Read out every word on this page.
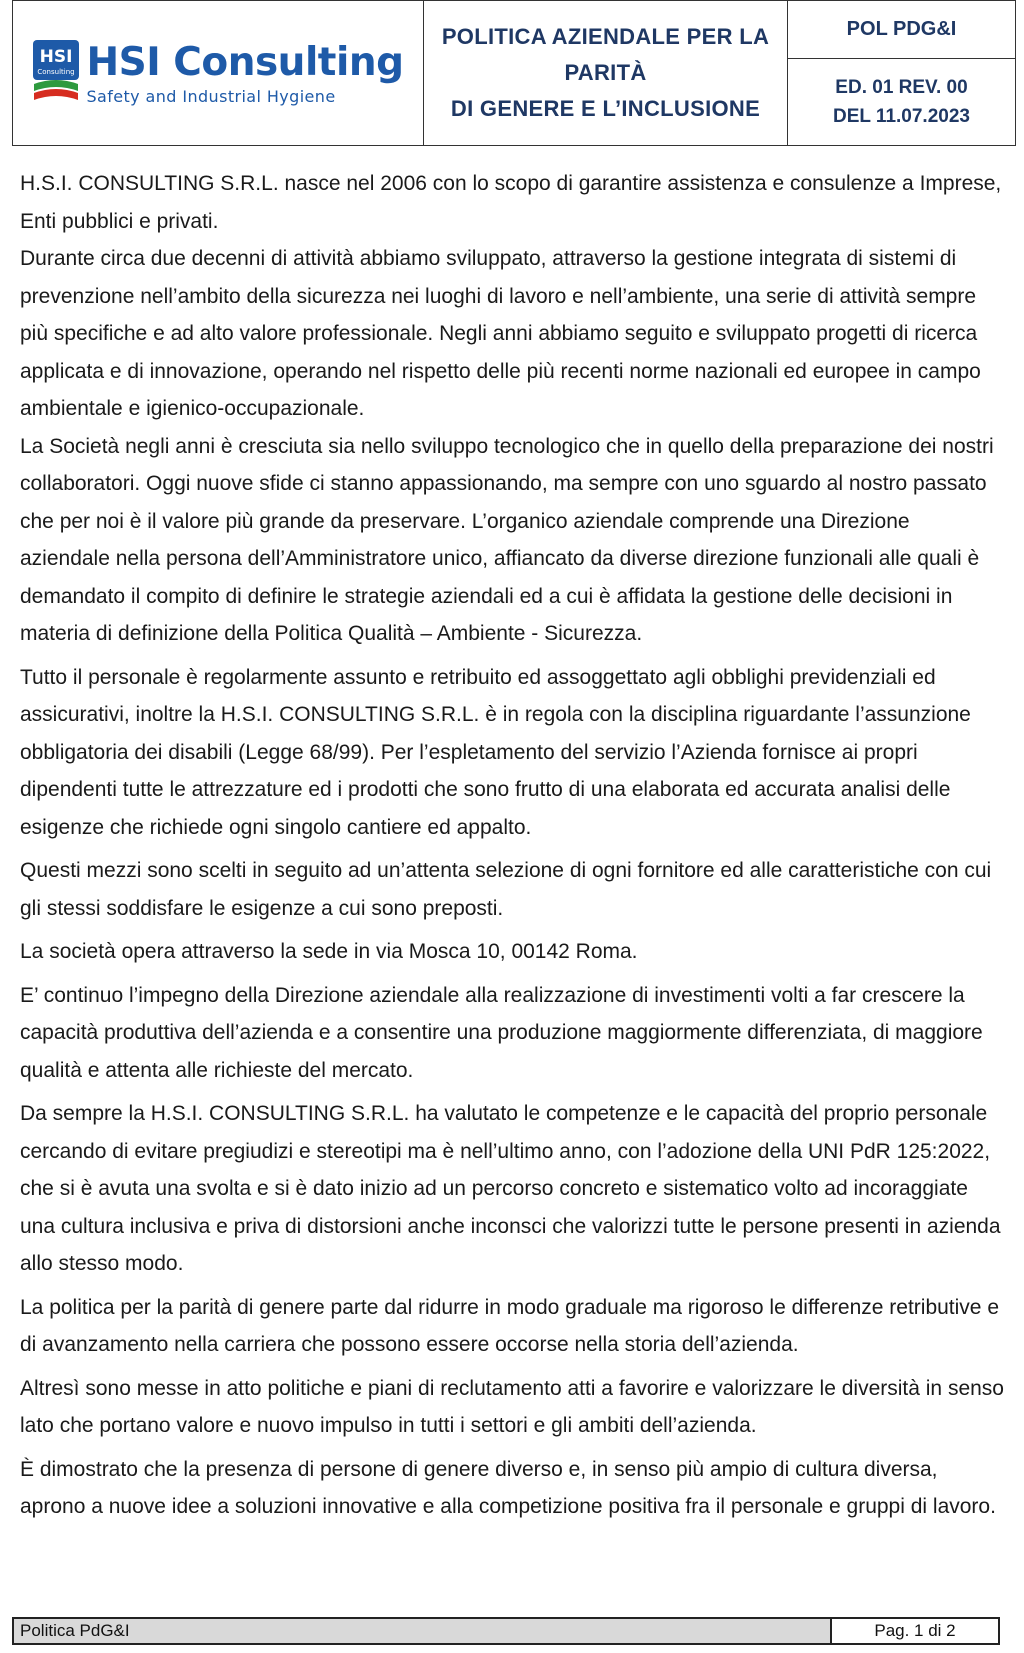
HSI
Consulting HSI Consulting
Safety and Industrial Hygiene
POLITICA AZIENDALE PER LA PARITÀ
DI GENERE E L’INCLUSIONE
POL PDG&I
ED. 01 REV. 00
DEL 11.07.2023

H.S.I. CONSULTING S.R.L. nasce nel 2006 con lo scopo di garantire assistenza e consulenze a Imprese, Enti pubblici e privati.

Durante circa due decenni di attività abbiamo sviluppato, attraverso la gestione integrata di sistemi di prevenzione nell’ambito della sicurezza nei luoghi di lavoro e nell’ambiente, una serie di attività sempre più specifiche e ad alto valore professionale. Negli anni abbiamo seguito e sviluppato progetti di ricerca applicata e di innovazione, operando nel rispetto delle più recenti norme nazionali ed europee in campo ambientale e igienico-occupazionale.

La Società negli anni è cresciuta sia nello sviluppo tecnologico che in quello della preparazione dei nostri collaboratori. Oggi nuove sfide ci stanno appassionando, ma sempre con uno sguardo al nostro passato che per noi è il valore più grande da preservare. L’organico aziendale comprende una Direzione aziendale nella persona dell’Amministratore unico, affiancato da diverse direzione funzionali alle quali è demandato il compito di definire le strategie aziendali ed a cui è affidata la gestione delle decisioni in materia di definizione della Politica Qualità – Ambiente - Sicurezza.

Tutto il personale è regolarmente assunto e retribuito ed assoggettato agli obblighi previdenziali ed assicurativi, inoltre la H.S.I. CONSULTING S.R.L. è in regola con la disciplina riguardante l’assunzione obbligatoria dei disabili (Legge 68/99). Per l’espletamento del servizio l’Azienda fornisce ai propri dipendenti tutte le attrezzature ed i prodotti che sono frutto di una elaborata ed accurata analisi delle esigenze che richiede ogni singolo cantiere ed appalto.

Questi mezzi sono scelti in seguito ad un’attenta selezione di ogni fornitore ed alle caratteristiche con cui gli stessi soddisfare le esigenze a cui sono preposti.

La società opera attraverso la sede in via Mosca 10, 00142 Roma.

E’ continuo l’impegno della Direzione aziendale alla realizzazione di investimenti volti a far crescere la capacità produttiva dell’azienda e a consentire una produzione maggiormente differenziata, di maggiore qualità e attenta alle richieste del mercato.

Da sempre la H.S.I. CONSULTING S.R.L. ha valutato le competenze e le capacità del proprio personale cercando di evitare pregiudizi e stereotipi ma è nell’ultimo anno, con l’adozione della UNI PdR 125:2022, che si è avuta una svolta e si è dato inizio ad un percorso concreto e sistematico volto ad incoraggiate una cultura inclusiva e priva di distorsioni anche inconsci che valorizzi tutte le persone presenti in azienda allo stesso modo.

La politica per la parità di genere parte dal ridurre in modo graduale ma rigoroso le differenze retributive e di avanzamento nella carriera che possono essere occorse nella storia dell’azienda.

Altresì sono messe in atto politiche e piani di reclutamento atti a favorire e valorizzare le diversità in senso lato che portano valore e nuovo impulso in tutti i settori e gli ambiti dell’azienda.

È dimostrato che la presenza di persone di genere diverso e, in senso più ampio di cultura diversa, aprono a nuove idee a soluzioni innovative e alla competizione positiva fra il personale e gruppi di lavoro.

Politica PdG&I	Pag. 1 di 2
